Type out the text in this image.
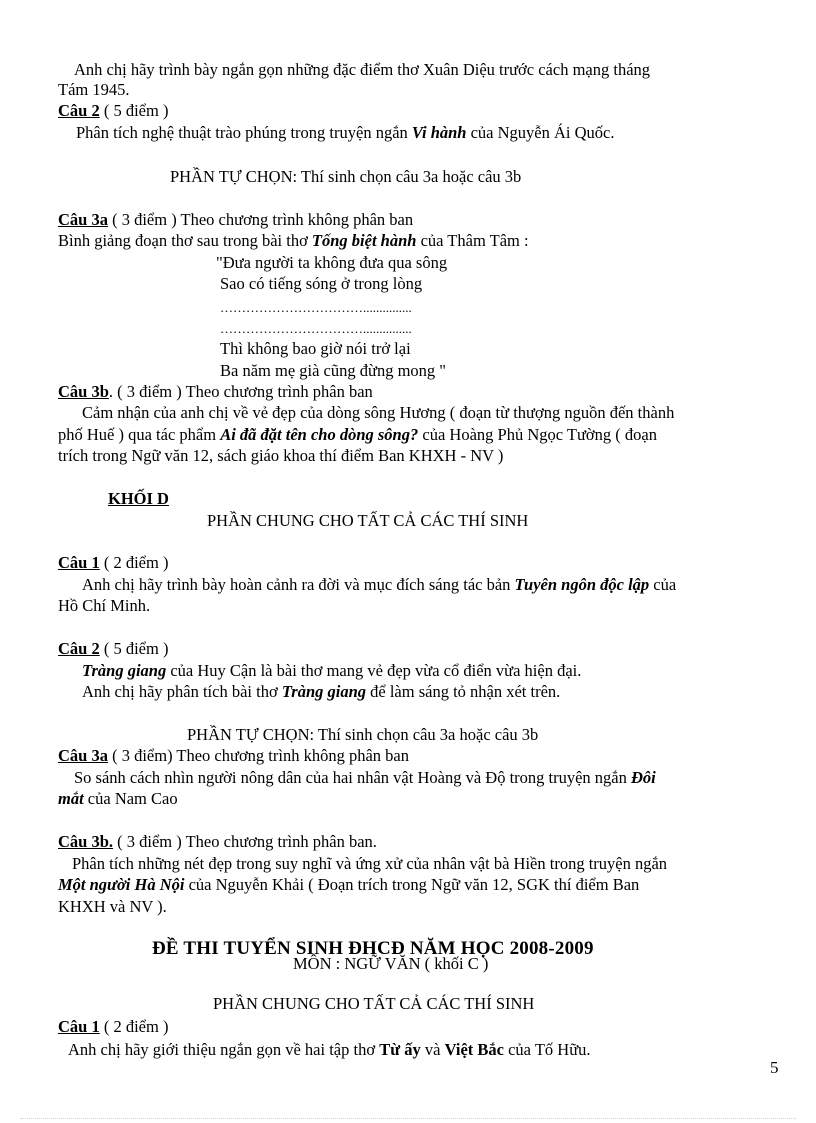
Anh chị hãy trình bày ngắn gọn những đặc điểm thơ Xuân Diệu trước cách mạng tháng
Tám 1945.
Câu 2 ( 5 điểm )
Phân tích nghệ thuật trào phúng trong truyện ngắn Vi hành của Nguyễn Ái Quốc.
PHẦN TỰ CHỌN: Thí sinh chọn câu 3a hoặc câu 3b
Câu 3a ( 3 điểm ) Theo chương trình không phân ban
Bình giảng đoạn thơ sau trong bài thơ Tống biệt hành của Thâm Tâm :
"Đưa người ta không đưa qua sông
Sao có tiếng sóng ở trong lòng
……………………………...............
……………………………...............
Thì không bao giờ nói trở lại
Ba năm mẹ già cũng đừng mong "
Câu 3b. ( 3 điểm ) Theo chương trình phân ban
Cảm nhận của anh chị về vẻ đẹp của dòng sông Hương ( đoạn từ thượng nguồn đến thành
phố Huế ) qua tác phẩm Ai đã đặt tên cho dòng sông? của Hoàng Phủ Ngọc Tường ( đoạn
trích trong Ngữ văn 12, sách giáo khoa thí điểm Ban KHXH - NV )
KHỐI D
PHẦN CHUNG CHO TẤT CẢ CÁC THÍ SINH
Câu 1 ( 2 điểm )
Anh chị hãy trình bày hoàn cảnh ra đời và mục đích sáng tác bản Tuyên ngôn độc lập của
Hồ Chí Minh.
Câu 2 ( 5 điểm )
Tràng giang của Huy Cận là bài thơ mang vẻ đẹp vừa cổ điển vừa hiện đại.
Anh chị hãy phân tích bài thơ Tràng giang để làm sáng tỏ nhận xét trên.
PHẦN TỰ CHỌN: Thí sinh chọn câu 3a hoặc câu 3b
Câu 3a ( 3 điểm) Theo chương trình không phân ban
So sánh cách nhìn người nông dân của hai nhân vật Hoàng và Độ trong truyện ngắn Đôi
mắt của Nam Cao
Câu 3b. ( 3 điểm ) Theo chương trình phân ban.
Phân tích những nét đẹp trong suy nghĩ và ứng xử của nhân vật bà Hiền trong truyện ngắn
Một người Hà Nội của Nguyễn Khải ( Đoạn trích trong Ngữ văn 12, SGK thí điểm Ban
KHXH và NV ).
ĐỀ THI TUYỂN SINH ĐHCĐ NĂM HỌC 2008-2009
MÔN : NGỮ VĂN ( khối C )
PHẦN CHUNG CHO TẤT CẢ CÁC THÍ SINH
Câu 1 ( 2 điểm )
Anh chị hãy giới thiệu ngắn gọn về hai tập thơ Từ ấy và Việt Bắc của Tố Hữu.
5
